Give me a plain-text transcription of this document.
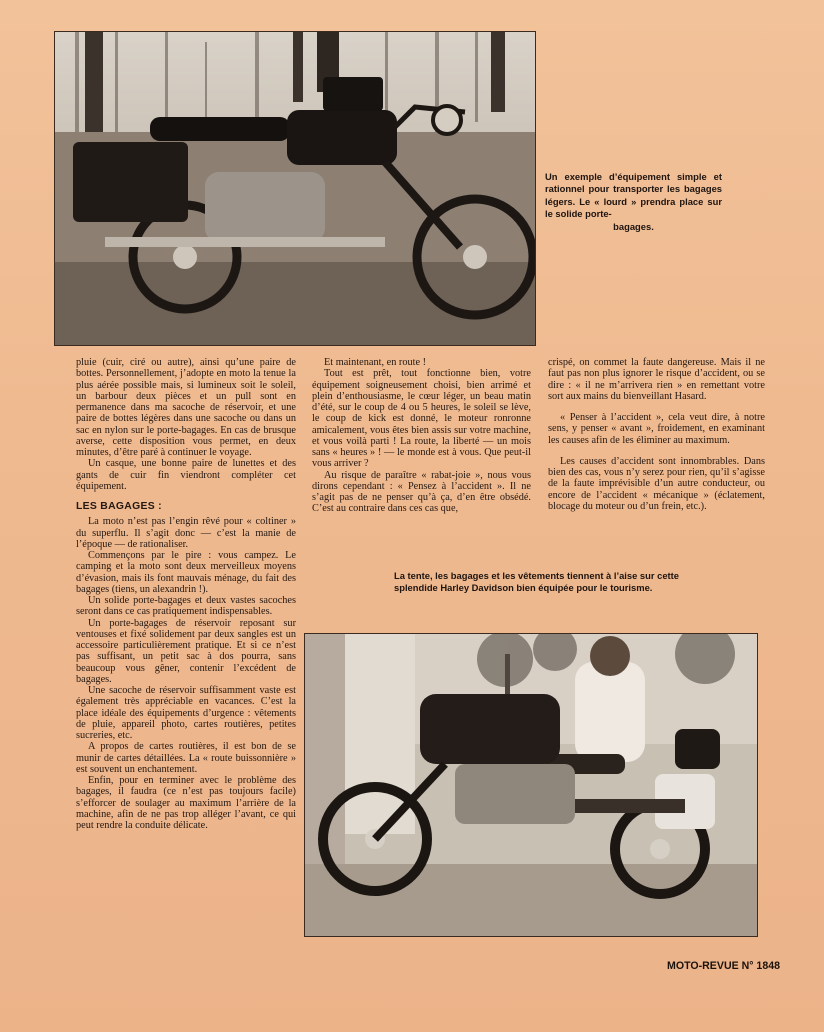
Un exemple d’équipement simple et rationnel pour transporter les bagages légers. Le « lourd » prendra place sur le solide porte-
bagages.

pluie (cuir, ciré ou autre), ainsi qu’une paire de bottes. Personnellement, j’adopte en moto la tenue la plus aérée possible mais, si lumineux soit le soleil, un barbour deux pièces et un pull sont en permanence dans ma sacoche de réservoir, et une paire de bottes légères dans une sacoche ou dans un sac en nylon sur le porte-bagages. En cas de brusque averse, cette disposition vous permet, en deux minutes, d’être paré à continuer le voyage.

Un casque, une bonne paire de lunettes et des gants de cuir fin viendront compléter cet équipement.

LES BAGAGES :

La moto n’est pas l’engin rêvé pour « coltiner » du superflu. Il s’agit donc — c’est la manie de l’époque — de rationaliser.

Commençons par le pire : vous campez. Le camping et la moto sont deux merveilleux moyens d’évasion, mais ils font mauvais ménage, du fait des bagages (tiens, un alexandrin !).

Un solide porte-bagages et deux vastes sacoches seront dans ce cas pratiquement indispensables.

Un porte-bagages de réservoir reposant sur ventouses et fixé solidement par deux sangles est un accessoire particulièrement pratique. Et si ce n’est pas suffisant, un petit sac à dos pourra, sans beaucoup vous gêner, contenir l’excédent de bagages.

Une sacoche de réservoir suffisamment vaste est également très appréciable en vacances. C’est la place idéale des équipements d’urgence : vêtements de pluie, appareil photo, cartes routières, petites sucreries, etc.

A propos de cartes routières, il est bon de se munir de cartes détaillées. La « route buissonnière » est souvent un enchantement.

Enfin, pour en terminer avec le problème des bagages, il faudra (ce n’est pas toujours facile) s’efforcer de soulager au maximum l’arrière de la machine, afin de ne pas trop alléger l’avant, ce qui peut rendre la conduite délicate.

Et maintenant, en route !

Tout est prêt, tout fonctionne bien, votre équipement soigneusement choisi, bien arrimé et plein d’enthousiasme, le cœur léger, un beau matin d’été, sur le coup de 4 ou 5 heures, le soleil se lève, le coup de kick est donné, le moteur ronronne amicalement, vous êtes bien assis sur votre machine, et vous voilà parti ! La route, la liberté — un mois sans « heures » ! — le monde est à vous. Que peut-il vous arriver ?

Au risque de paraître « rabat-joie », nous vous dirons cependant : « Pensez à l’accident ». Il ne s’agit pas de ne penser qu’à ça, d’en être obsédé. C’est au contraire dans ces cas que,

crispé, on commet la faute dangereuse. Mais il ne faut pas non plus ignorer le risque d’accident, ou se dire : « il ne m’arrivera rien » en remettant votre sort aux mains du bienveillant Hasard.

« Penser à l’accident », cela veut dire, à notre sens, y penser « avant », froidement, en examinant les causes afin de les éliminer au maximum.

Les causes d’accident sont innombrables. Dans bien des cas, vous n’y serez pour rien, qu’il s’agisse de la faute imprévisible d’un autre conducteur, ou encore de l’accident « mécanique » (éclatement, blocage du moteur ou d’un frein, etc.).

La tente, les bagages et les vêtements tiennent à l’aise sur cette splendide Harley Davidson bien équipée pour le tourisme.
MOTO-REVUE N° 1848
